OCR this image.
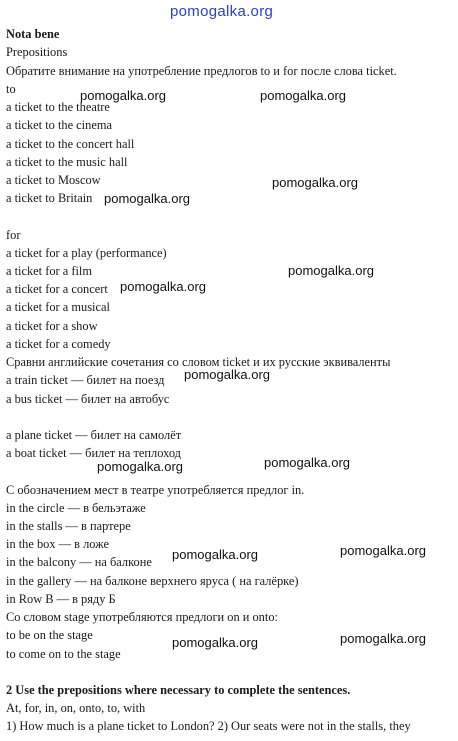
pomogalka.org
Nota bene
Prepositions
Обратите внимание на употребление предлогов to и for после слова ticket.
to
a ticket to the theatre
a ticket to the cinema
a ticket to the concert hall
a ticket to the music hall
a ticket to Moscow
a ticket to Britain
for
a ticket for a play (performance)
a ticket for a film
a ticket for a concert
a ticket for a musical
a ticket for a show
a ticket for a comedy
Сравни английские сочетания со словом ticket и их русские эквиваленты
a train ticket — билет на поезд
a bus ticket — билет на автобус
a plane ticket — билет на самолёт
a boat ticket — билет на теплоход
С обозначением мест в театре употребляется предлог in.
in the circle — в бельэтаже
in the stalls — в партере
in the box — в ложе
in the balcony — на балконе
in the gallery — на балконе верхнего яруса ( на галёрке)
in Row B — в ряду Б
Со словом stage употребляются предлоги on и onto:
to be on the stage
to come on to the stage
2 Use the prepositions where necessary to complete the sentences.
At, for, in, on, onto, to, with
1) How much is a plane ticket to London? 2) Our seats were not in the stalls, they
pomogalka.org	pomogalka.org
pomogalka.org
pomogalka.org
pomogalka.org
pomogalka.org
pomogalka.org
pomogalka.org
pomogalka.org
pomogalka.org
pomogalka.org
pomogalka.org
pomogalka.org
